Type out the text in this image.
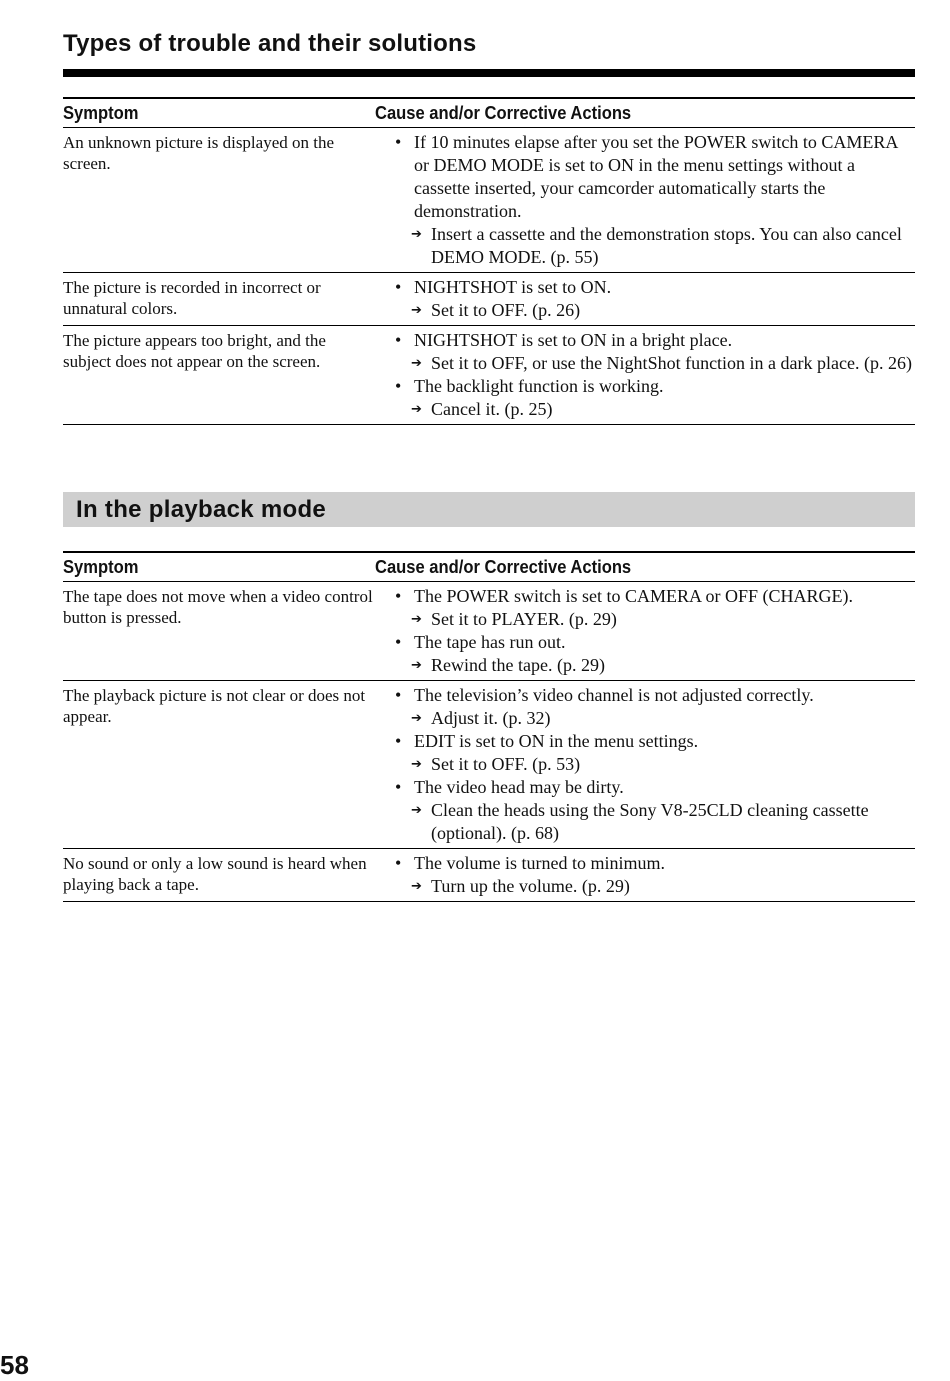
Types of trouble and their solutions
Symptom	Cause and/or Corrective Actions
An unknown picture is displayed on the screen.
• If 10 minutes elapse after you set the POWER switch to CAMERA or DEMO MODE is set to ON in the menu settings without a cassette inserted, your camcorder automatically starts the demonstration.
➔ Insert a cassette and the demonstration stops. You can also cancel DEMO MODE. (p. 55)
The picture is recorded in incorrect or unnatural colors.
• NIGHTSHOT is set to ON.
➔ Set it to OFF. (p. 26)
The picture appears too bright, and the subject does not appear on the screen.
• NIGHTSHOT is set to ON in a bright place.
➔ Set it to OFF, or use the NightShot function in a dark place. (p. 26)
• The backlight function is working.
➔ Cancel it. (p. 25)
In the playback mode
Symptom	Cause and/or Corrective Actions
The tape does not move when a video control button is pressed.
• The POWER switch is set to CAMERA or OFF (CHARGE).
➔ Set it to PLAYER. (p. 29)
• The tape has run out.
➔ Rewind the tape. (p. 29)
The playback picture is not clear or does not appear.
• The television’s video channel is not adjusted correctly.
➔ Adjust it. (p. 32)
• EDIT is set to ON in the menu settings.
➔ Set it to OFF. (p. 53)
• The video head may be dirty.
➔ Clean the heads using the Sony V8-25CLD cleaning cassette (optional). (p. 68)
No sound or only a low sound is heard when playing back a tape.
• The volume is turned to minimum.
➔ Turn up the volume. (p. 29)
58
